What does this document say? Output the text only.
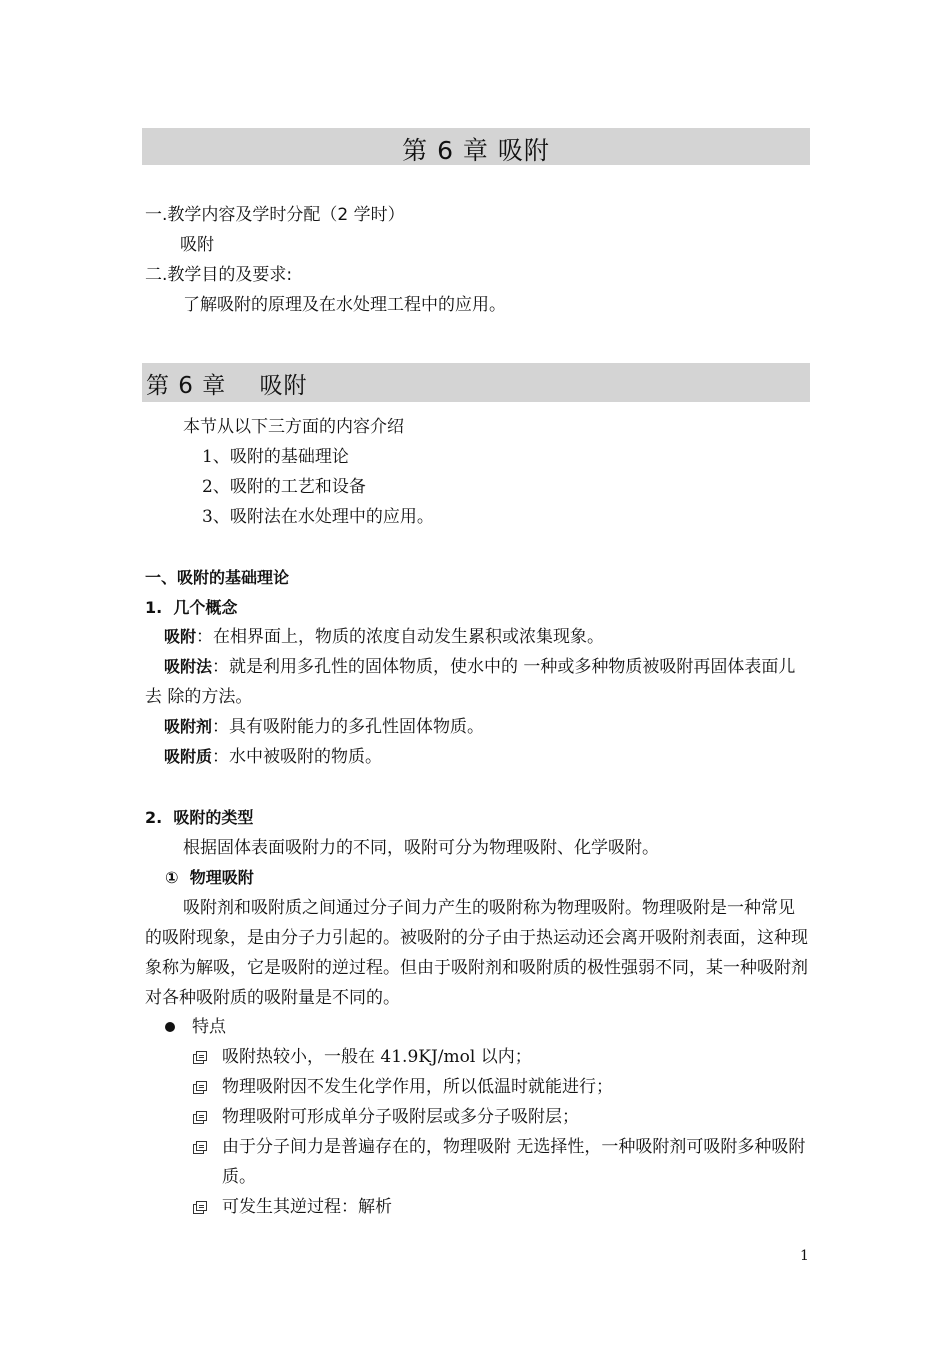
第 6 章 吸附
一.教学内容及学时分配（2 学时）
吸附
二.教学目的及要求:
了解吸附的原理及在水处理工程中的应用。
第 6 章    吸附
本节从以下三方面的内容介绍
1、吸附的基础理论
2、吸附的工艺和设备
3、吸附法在水处理中的应用。
一、吸附的基础理论
1.  几个概念
吸附：在相界面上，物质的浓度自动发生累积或浓集现象。
吸附法：就是利用多孔性的固体物质，使水中的 一种或多种物质被吸附再固体表面儿去 除的方法。
吸附剂：具有吸附能力的多孔性固体物质。
吸附质：水中被吸附的物质。
2.  吸附的类型
根据固体表面吸附力的不同，吸附可分为物理吸附、化学吸附。
①  物理吸附
吸附剂和吸附质之间通过分子间力产生的吸附称为物理吸附。物理吸附是一种常见的吸附现象，是由分子力引起的。被吸附的分子由于热运动还会离开吸附剂表面，这种现象称为解吸，它是吸附的逆过程。但由于吸附剂和吸附质的极性强弱不同，某一种吸附剂对各种吸附质的吸附量是不同的。
特点
吸附热较小，一般在 41.9KJ/mol 以内；
物理吸附因不发生化学作用，所以低温时就能进行；
物理吸附可形成单分子吸附层或多分子吸附层；
由于分子间力是普遍存在的，物理吸附 无选择性，一种吸附剂可吸附多种吸附质。
可发生其逆过程：解析
1
